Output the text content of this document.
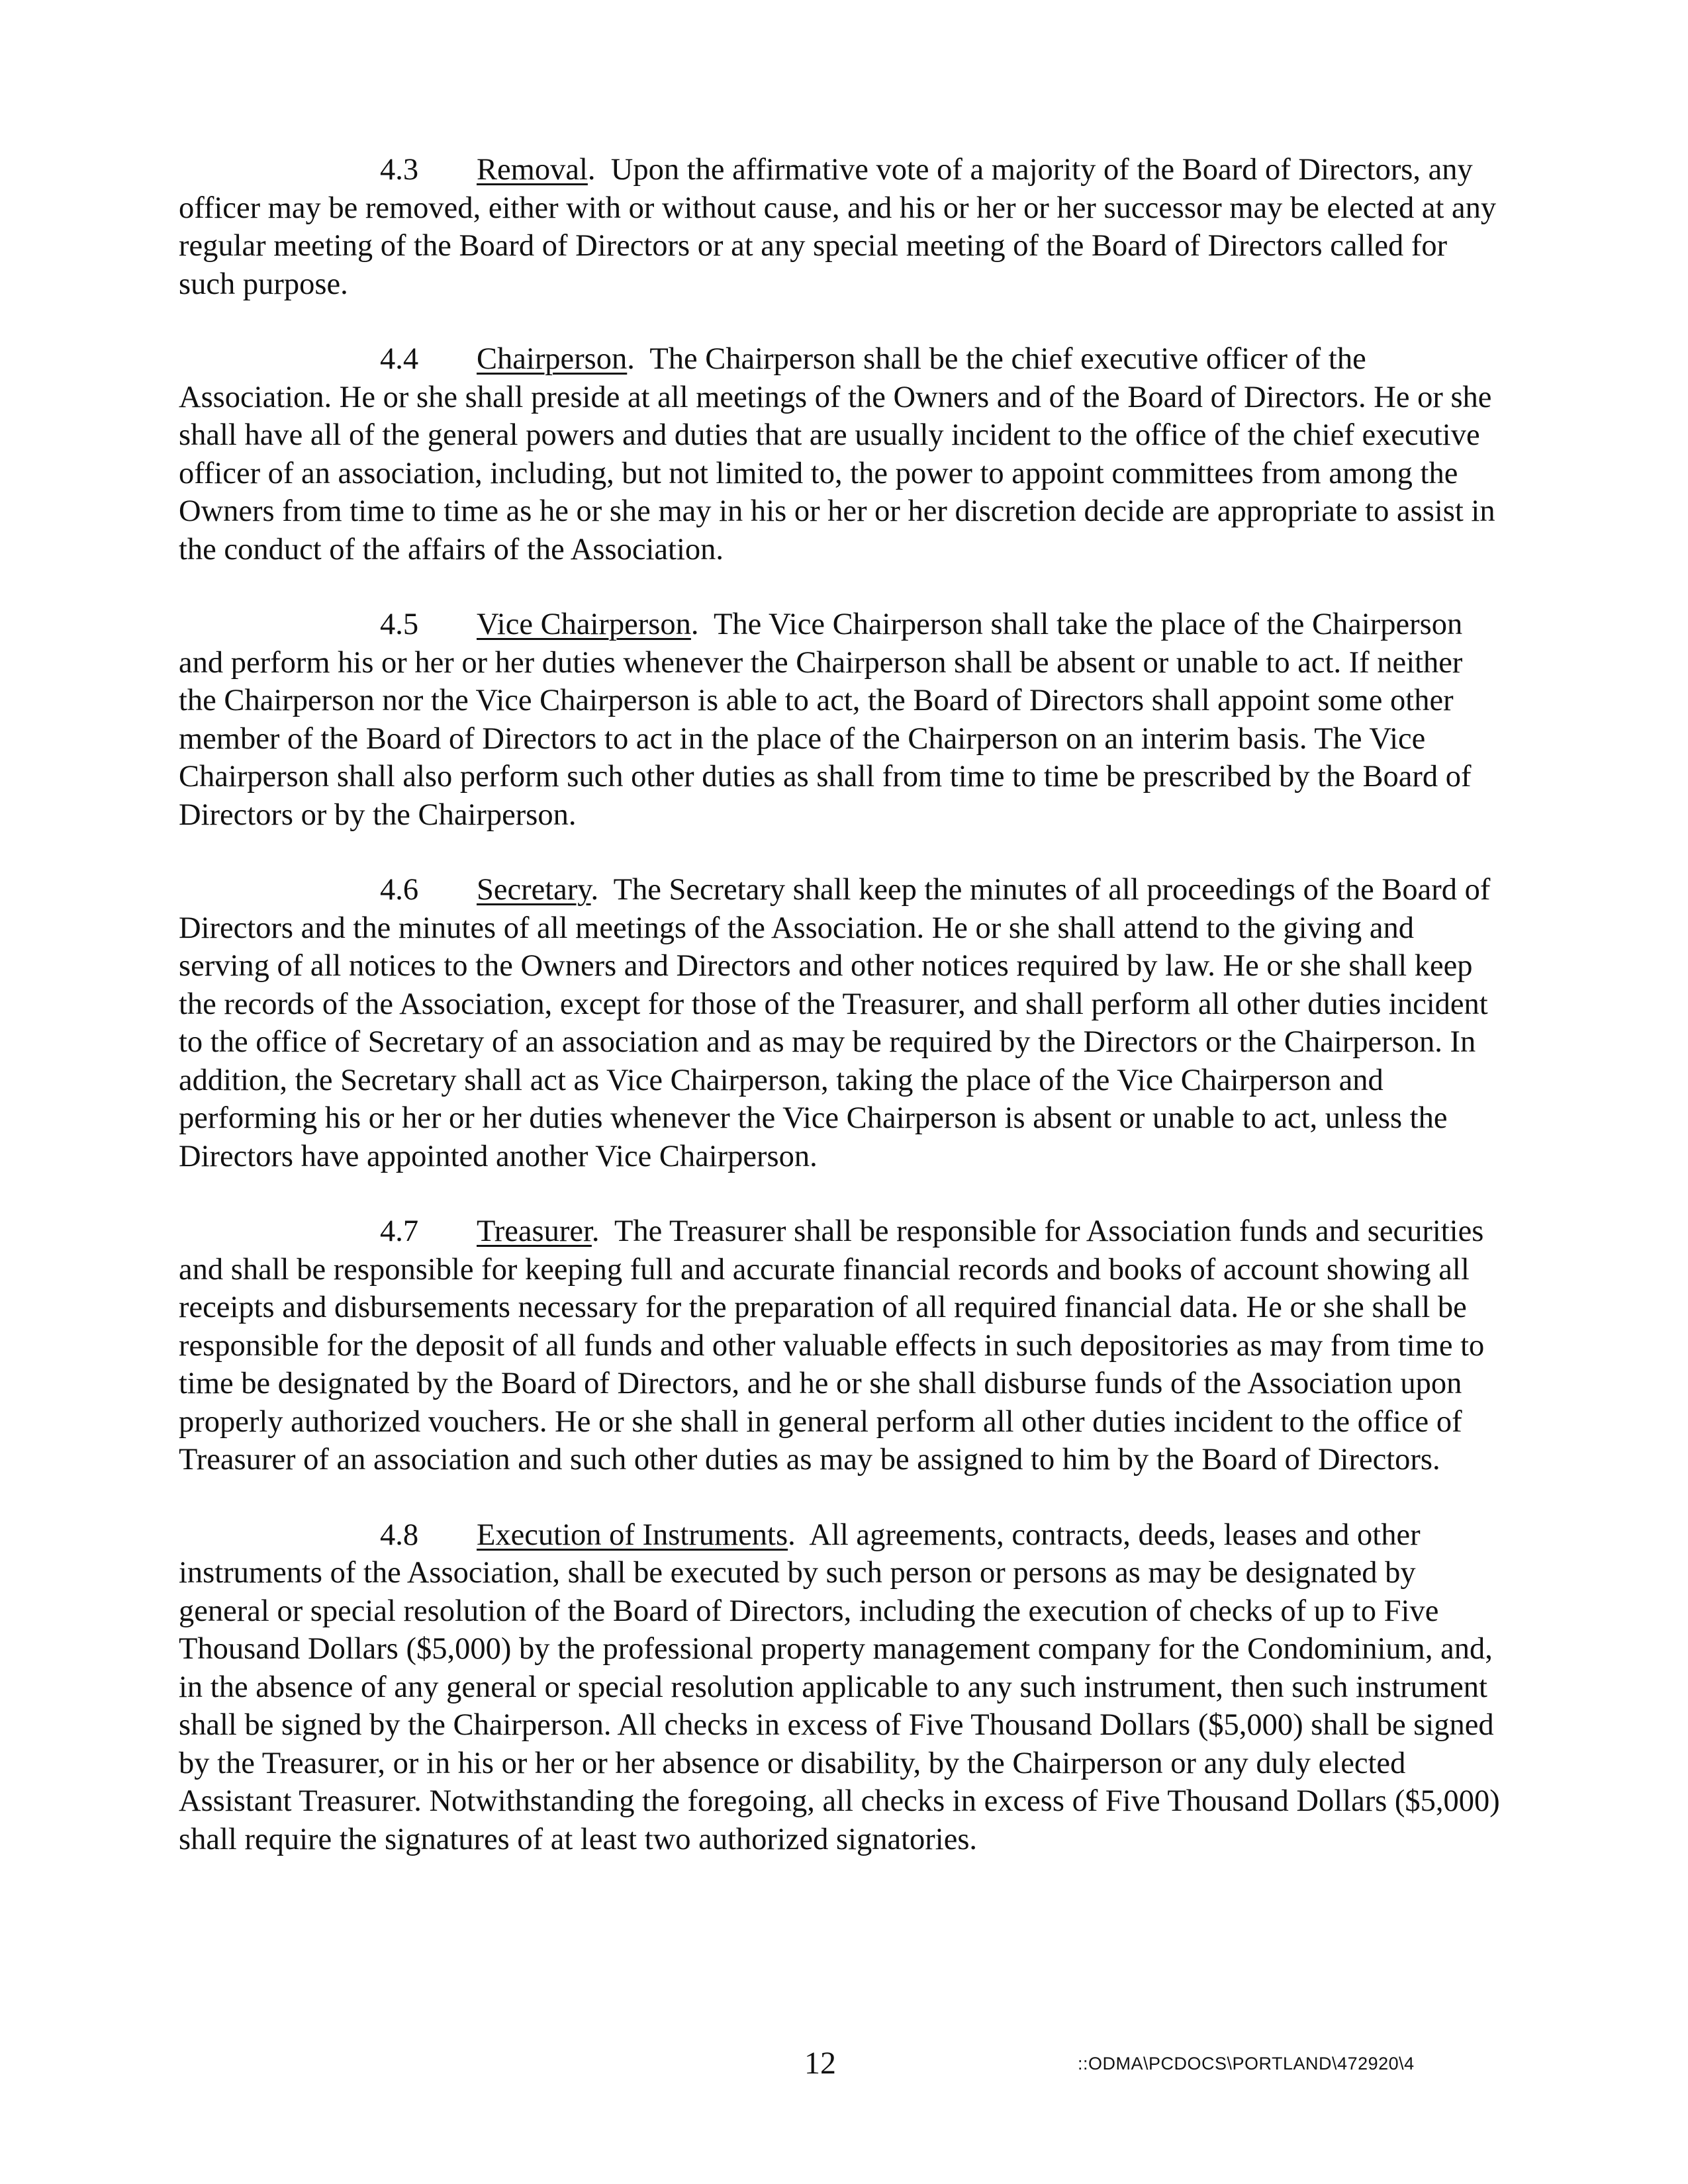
4.3 Removal.  Upon the affirmative vote of a majority of the Board of Directors, any officer may be removed, either with or without cause, and his or her or her successor may be elected at any regular meeting of the Board of Directors or at any special meeting of the Board of Directors called for such purpose.

4.4 Chairperson.  The Chairperson shall be the chief executive officer of the Association. He or she shall preside at all meetings of the Owners and of the Board of Directors. He or she shall have all of the general powers and duties that are usually incident to the office of the chief executive officer of an association, including, but not limited to, the power to appoint committees from among the Owners from time to time as he or she may in his or her or her discretion decide are appropriate to assist in the conduct of the affairs of the Association.

4.5 Vice Chairperson.  The Vice Chairperson shall take the place of the Chairperson and perform his or her or her duties whenever the Chairperson shall be absent or unable to act. If neither the Chairperson nor the Vice Chairperson is able to act, the Board of Directors shall appoint some other member of the Board of Directors to act in the place of the Chairperson on an interim basis. The Vice Chairperson shall also perform such other duties as shall from time to time be prescribed by the Board of Directors or by the Chairperson.

4.6 Secretary.  The Secretary shall keep the minutes of all proceedings of the Board of Directors and the minutes of all meetings of the Association. He or she shall attend to the giving and serving of all notices to the Owners and Directors and other notices required by law. He or she shall keep the records of the Association, except for those of the Treasurer, and shall perform all other duties incident to the office of Secretary of an association and as may be required by the Directors or the Chairperson. In addition, the Secretary shall act as Vice Chairperson, taking the place of the Vice Chairperson and performing his or her or her duties whenever the Vice Chairperson is absent or unable to act, unless the Directors have appointed another Vice Chairperson.

4.7 Treasurer.  The Treasurer shall be responsible for Association funds and securities and shall be responsible for keeping full and accurate financial records and books of account showing all receipts and disbursements necessary for the preparation of all required financial data. He or she shall be responsible for the deposit of all funds and other valuable effects in such depositories as may from time to time be designated by the Board of Directors, and he or she shall disburse funds of the Association upon properly authorized vouchers. He or she shall in general perform all other duties incident to the office of Treasurer of an association and such other duties as may be assigned to him by the Board of Directors.

4.8 Execution of Instruments.  All agreements, contracts, deeds, leases and other instruments of the Association, shall be executed by such person or persons as may be designated by general or special resolution of the Board of Directors, including the execution of checks of up to Five Thousand Dollars ($5,000) by the professional property management company for the Condominium, and, in the absence of any general or special resolution applicable to any such instrument, then such instrument shall be signed by the Chairperson. All checks in excess of Five Thousand Dollars ($5,000) shall be signed by the Treasurer, or in his or her or her absence or disability, by the Chairperson or any duly elected Assistant Treasurer. Notwithstanding the foregoing, all checks in excess of Five Thousand Dollars ($5,000) shall require the signatures of at least two authorized signatories.

12	::ODMA\PCDOCS\PORTLAND\472920\4
